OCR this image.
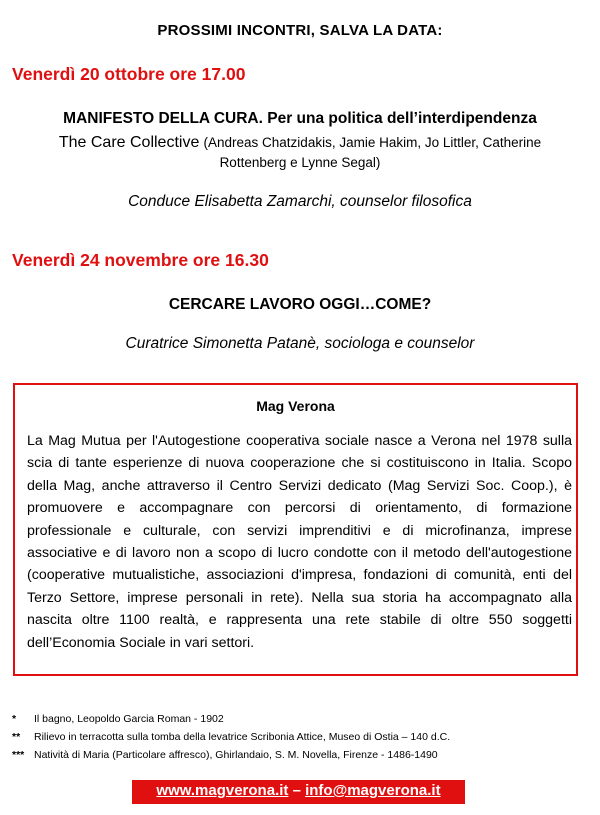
PROSSIMI INCONTRI, SALVA LA DATA:
Venerdì 20 ottobre ore 17.00
MANIFESTO DELLA CURA. Per una politica dell’interdipendenza
The Care Collective (Andreas Chatzidakis, Jamie Hakim, Jo Littler, Catherine
Rottenberg e Lynne Segal)
Conduce Elisabetta Zamarchi, counselor filosofica
Venerdì 24 novembre ore 16.30
CERCARE LAVORO OGGI…COME?
Curatrice Simonetta Patanè, sociologa e counselor
Mag Verona
La Mag Mutua per l'Autogestione cooperativa sociale nasce a Verona nel 1978 sulla scia di tante esperienze di nuova cooperazione che si costituiscono in Italia. Scopo della Mag, anche attraverso il Centro Servizi dedicato (Mag Servizi Soc. Coop.), è promuovere e accompagnare con percorsi di orientamento, di formazione professionale e culturale, con servizi imprenditivi e di microfinanza, imprese associative e di lavoro non a scopo di lucro condotte con il metodo dell'autogestione (cooperative mutualistiche, associazioni d'impresa, fondazioni di comunità, enti del Terzo Settore, imprese personali in rete). Nella sua storia ha accompagnato alla nascita oltre 1100 realtà, e rappresenta una rete stabile di oltre 550 soggetti dell’Economia Sociale in vari settori.
*	Il bagno, Leopoldo Garcia Roman - 1902
**	Rilievo in terracotta sulla tomba della levatrice Scribonia Attice, Museo di Ostia – 140 d.C.
*** Natività di Maria (Particolare affresco), Ghirlandaio, S. M. Novella, Firenze - 1486-1490
www.magverona.it – info@magverona.it
